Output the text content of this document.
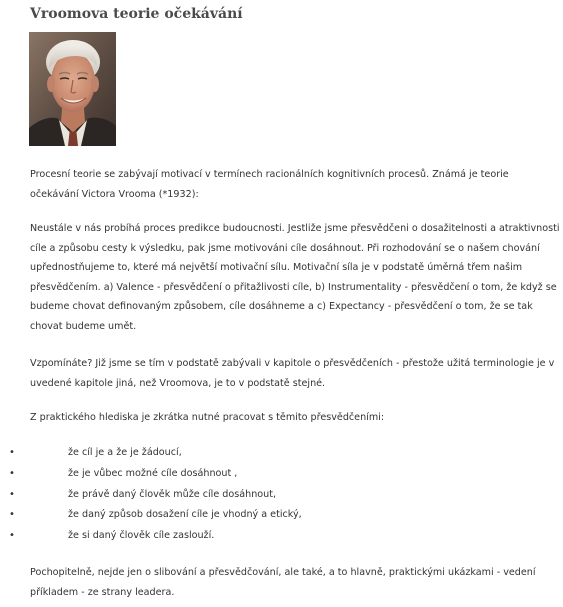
Vroomova teorie očekávání

Procesní teorie se zabývají motivací v termínech racionálních kognitivních procesů. Známá je teorie očekávání Victora Vrooma (*1932):

Neustále v nás probíhá proces predikce budoucnosti. Jestliže jsme přesvědčeni o dosažitelnosti a atraktivnosti cíle a způsobu cesty k výsledku, pak jsme motivováni cíle dosáhnout. Při rozhodování se o našem chování upřednostňujeme to, které má největší motivační sílu. Motivační síla je v podstatě úměrná třem našim přesvědčením. a) Valence - přesvědčení o přitažlivosti cíle, b) Instrumentality - přesvědčení o tom, že když se budeme chovat definovaným způsobem, cíle dosáhneme a c) Expectancy - přesvědčení o tom, že se tak chovat budeme umět.

Vzpomínáte? Již jsme se tím v podstatě zabývali v kapitole o přesvědčeních - přestože užitá terminologie je v uvedené kapitole jiná, než Vroomova, je to v podstatě stejné.

Z praktického hlediska je zkrátka nutné pracovat s těmito přesvědčeními:

•	že cíl je a že je žádoucí,
•	že je vůbec možné cíle dosáhnout ,
•	že právě daný člověk může cíle dosáhnout,
•	že daný způsob dosažení cíle je vhodný a etický,
•	že si daný člověk cíle zaslouží.

Pochopitelně, nejde jen o slibování a přesvědčování, ale také, a to hlavně, praktickými ukázkami - vedení příkladem - ze strany leadera.
